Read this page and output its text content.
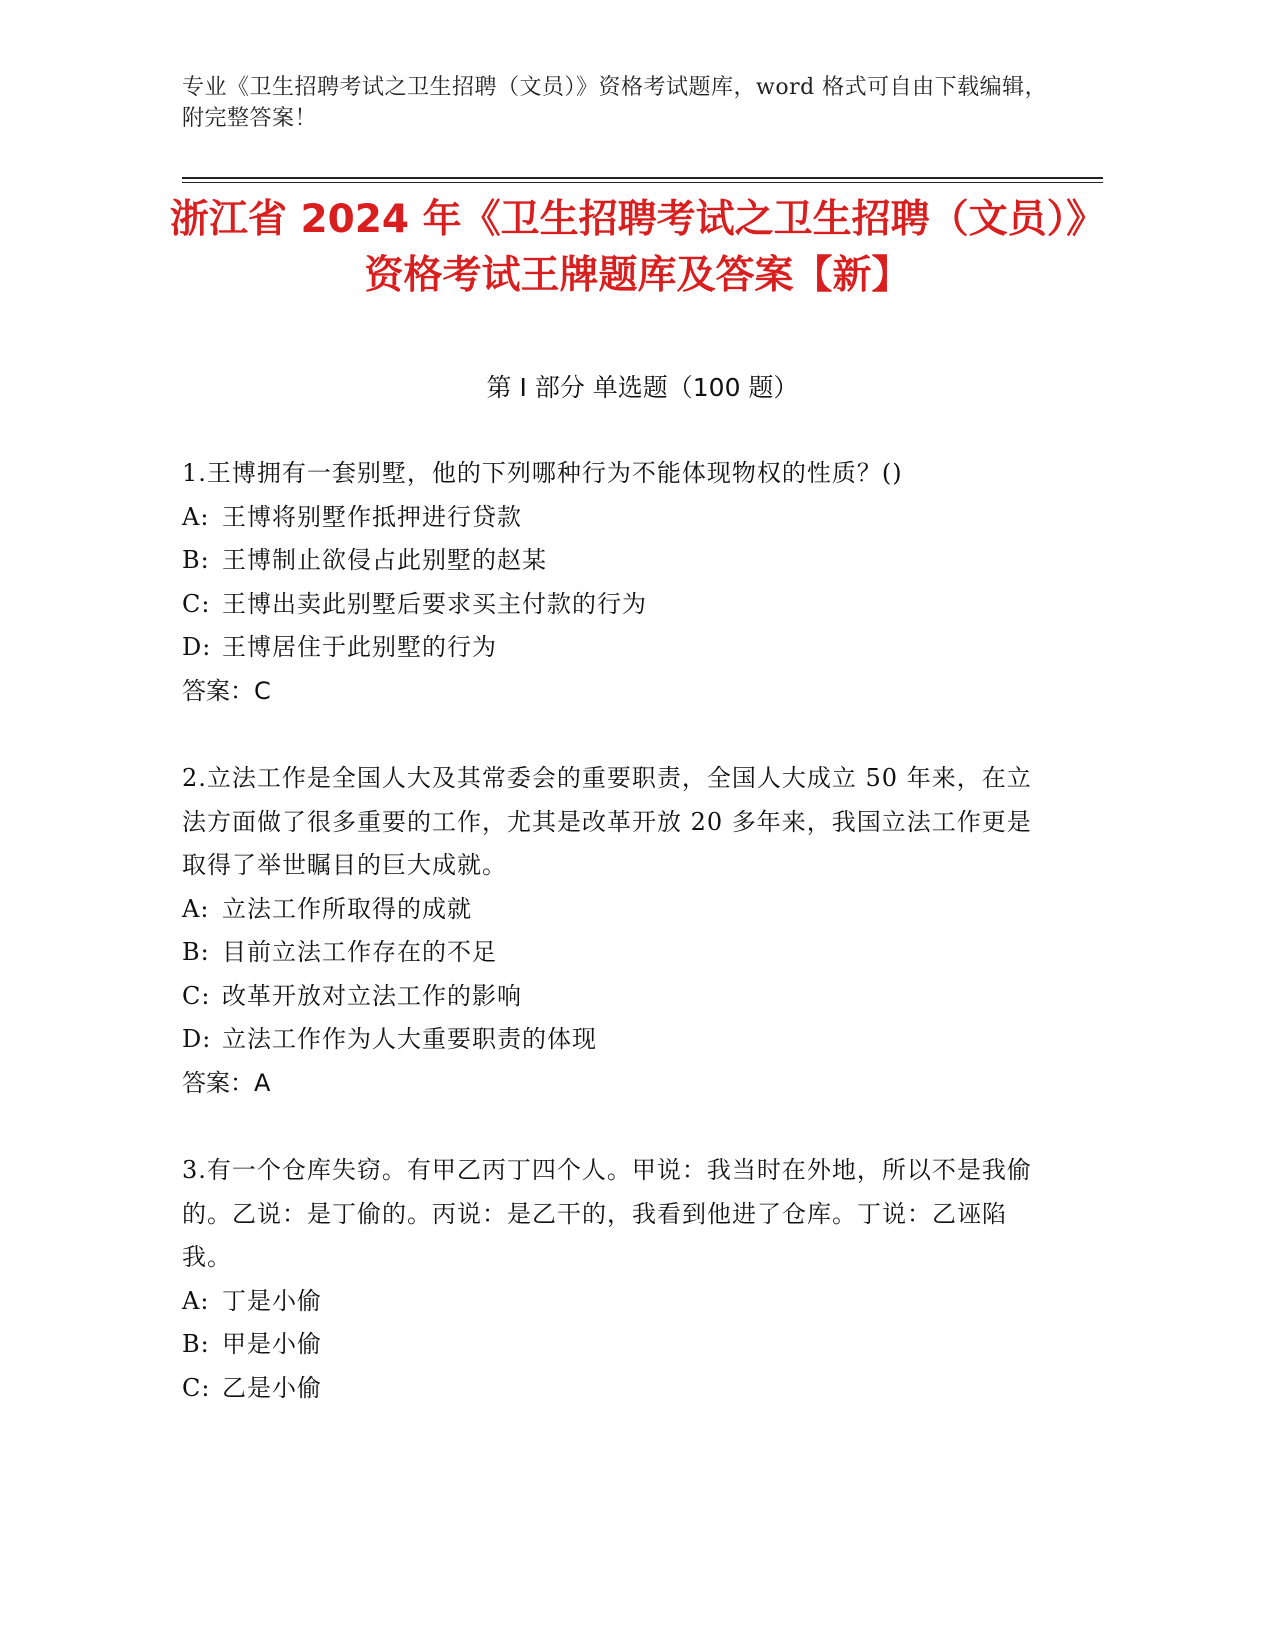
专业《卫生招聘考试之卫生招聘（文员）》资格考试题库，word 格式可自由下载编辑，附完整答案！
浙江省 2024 年《卫生招聘考试之卫生招聘（文员）》资格考试王牌题库及答案【新】
第 I 部分 单选题（100 题）
1.王博拥有一套别墅，他的下列哪种行为不能体现物权的性质？()
A: 王博将别墅作抵押进行贷款
B: 王博制止欲侵占此别墅的赵某
C: 王博出卖此别墅后要求买主付款的行为
D: 王博居住于此别墅的行为
答案：C
2.立法工作是全国人大及其常委会的重要职责，全国人大成立 50 年来，在立法方面做了很多重要的工作，尤其是改革开放 20 多年来，我国立法工作更是取得了举世瞩目的巨大成就。
A: 立法工作所取得的成就
B: 目前立法工作存在的不足
C: 改革开放对立法工作的影响
D: 立法工作作为人大重要职责的体现
答案：A
3.有一个仓库失窃。有甲乙丙丁四个人。甲说：我当时在外地，所以不是我偷的。乙说：是丁偷的。丙说：是乙干的，我看到他进了仓库。丁说：乙诬陷我。
A: 丁是小偷
B: 甲是小偷
C: 乙是小偷
